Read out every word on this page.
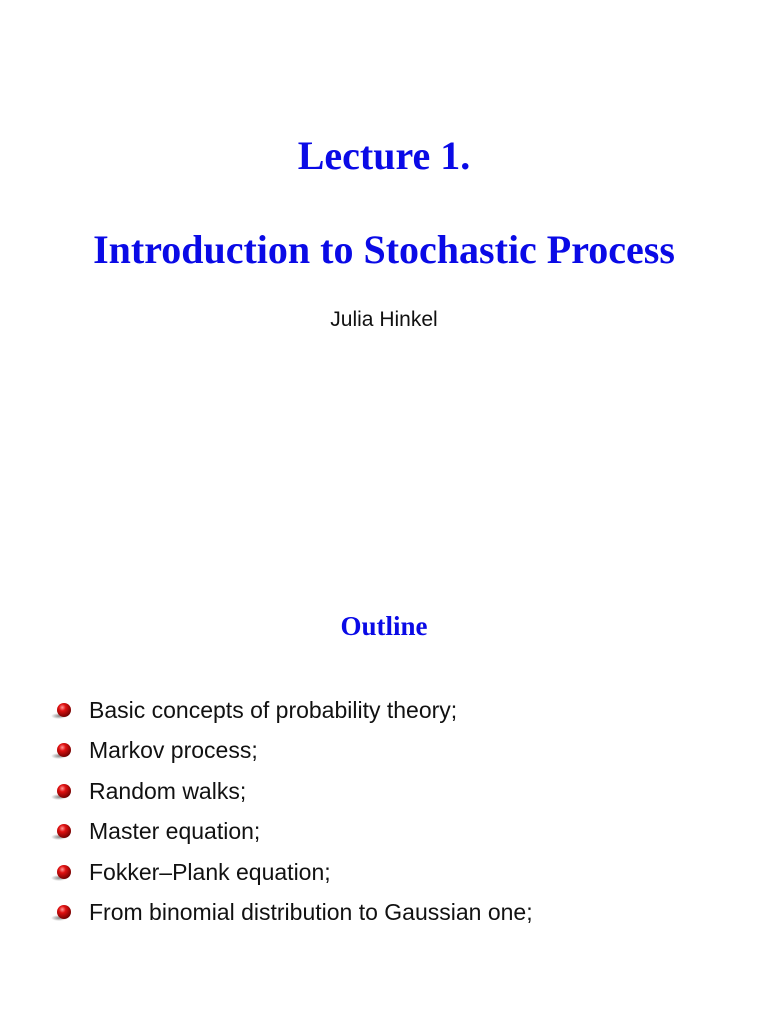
Lecture 1.
Introduction to Stochastic Process

Julia Hinkel

Outline
Basic concepts of probability theory;
Markov process;
Random walks;
Master equation;
Fokker–Plank equation;
From binomial distribution to Gaussian one;
